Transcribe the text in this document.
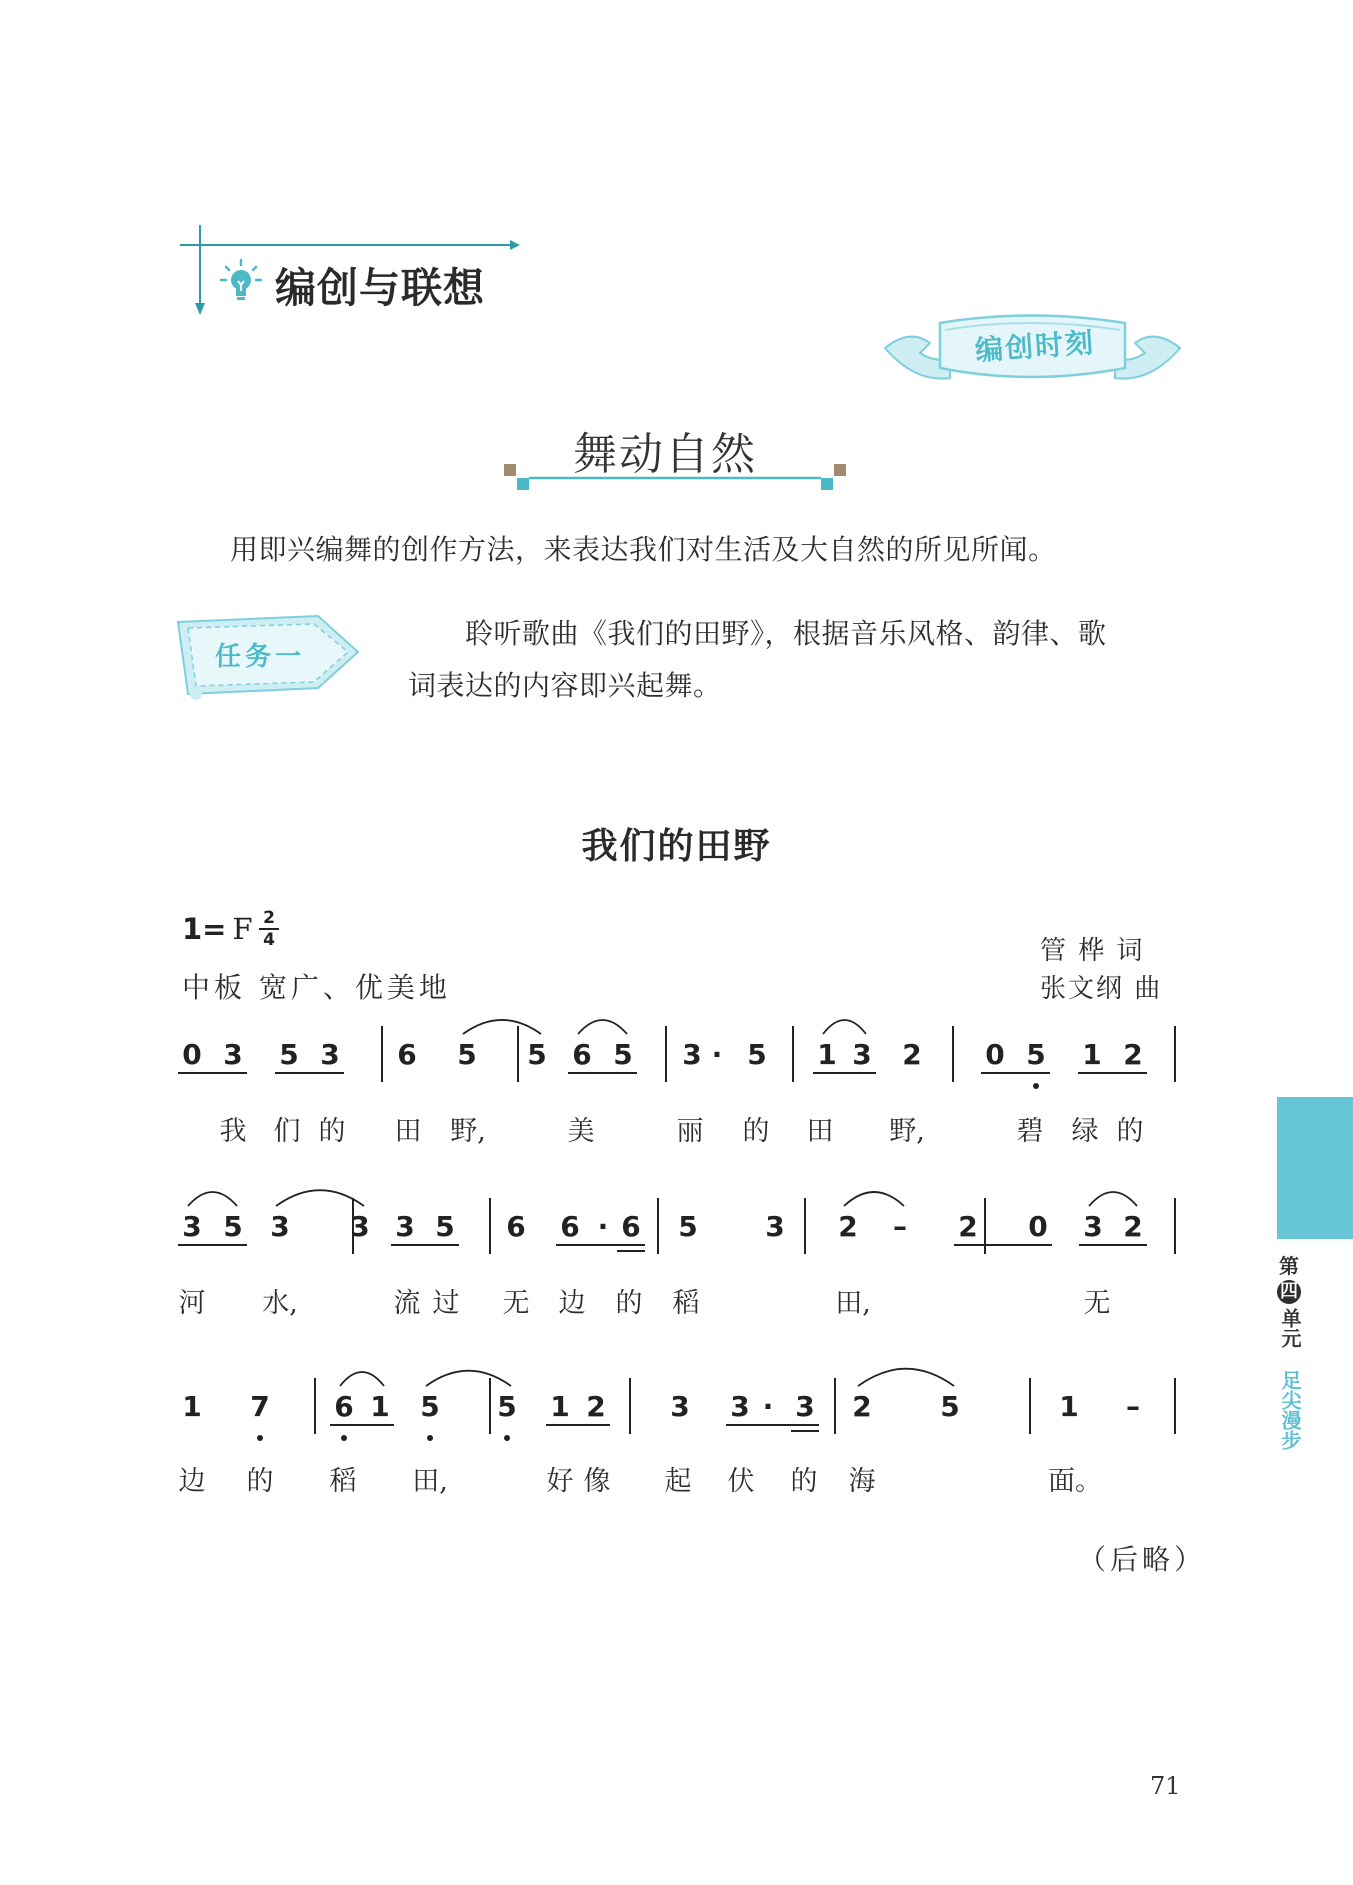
编创与联想
编创时刻
舞动自然
用即兴编舞的创作方法，来表达我们对生活及大自然的所见所闻。
任务一
聆听歌曲《我们的田野》，根据音乐风格、韵律、歌
词表达的内容即兴起舞。
我们的田野
1= F 2
4
中板 宽广、优美地
管 桦 词
张文纲 曲
0 3 5 3 6 5 5 6 5 3 · 5 1 3 2 0 5 1 2
我 们 的 田 野,	美	丽 的 田 野,	碧 绿 的
3 5 3 3 3 5 6 6 · 6 5 3 2 – 2 0 3 2
河 水,	流 过 无 边 的 稻	田,	无
1 7 6 1 5 5 1 2 3 3 · 3 2 5	1 –
边 的 稻 田,	好 像 起 伏 的 海	面。
（后略）
第
四
单元
足尖漫步
71
